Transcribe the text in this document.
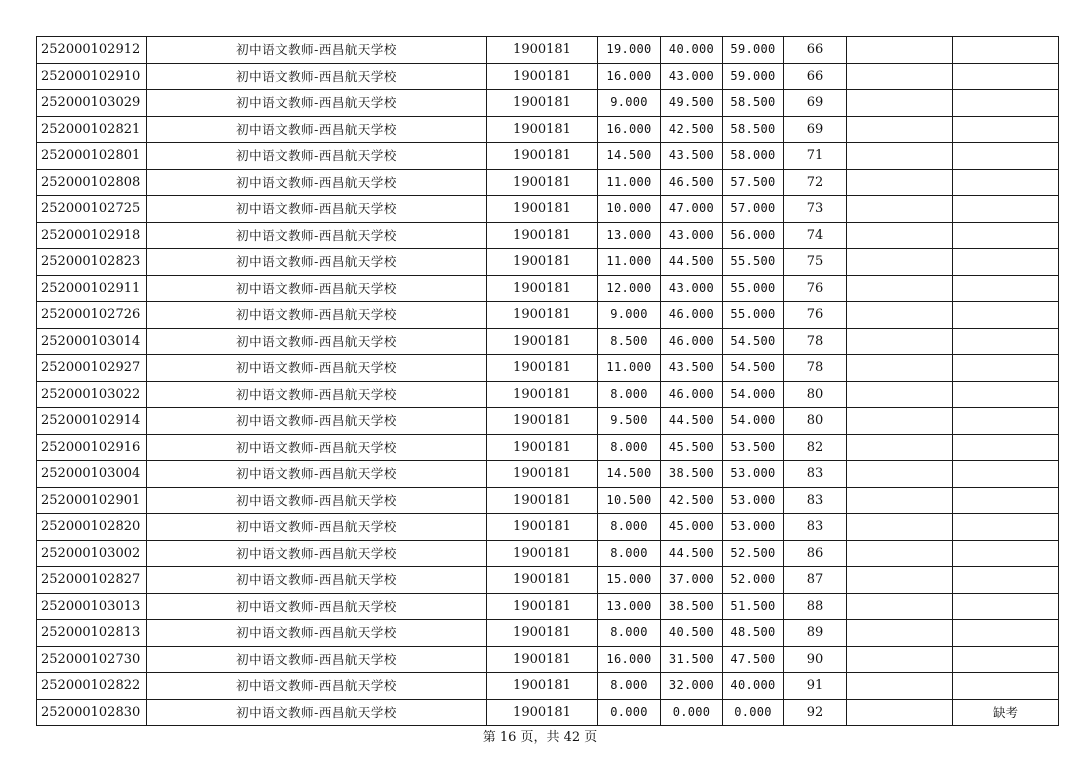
252000102912	初中语文教师-西昌航天学校	1900181	19.000	40.000	59.000	66		
252000102910	初中语文教师-西昌航天学校	1900181	16.000	43.000	59.000	66		
252000103029	初中语文教师-西昌航天学校	1900181	9.000	49.500	58.500	69		
252000102821	初中语文教师-西昌航天学校	1900181	16.000	42.500	58.500	69		
252000102801	初中语文教师-西昌航天学校	1900181	14.500	43.500	58.000	71		
252000102808	初中语文教师-西昌航天学校	1900181	11.000	46.500	57.500	72		
252000102725	初中语文教师-西昌航天学校	1900181	10.000	47.000	57.000	73		
252000102918	初中语文教师-西昌航天学校	1900181	13.000	43.000	56.000	74		
252000102823	初中语文教师-西昌航天学校	1900181	11.000	44.500	55.500	75		
252000102911	初中语文教师-西昌航天学校	1900181	12.000	43.000	55.000	76		
252000102726	初中语文教师-西昌航天学校	1900181	9.000	46.000	55.000	76		
252000103014	初中语文教师-西昌航天学校	1900181	8.500	46.000	54.500	78		
252000102927	初中语文教师-西昌航天学校	1900181	11.000	43.500	54.500	78		
252000103022	初中语文教师-西昌航天学校	1900181	8.000	46.000	54.000	80		
252000102914	初中语文教师-西昌航天学校	1900181	9.500	44.500	54.000	80		
252000102916	初中语文教师-西昌航天学校	1900181	8.000	45.500	53.500	82		
252000103004	初中语文教师-西昌航天学校	1900181	14.500	38.500	53.000	83		
252000102901	初中语文教师-西昌航天学校	1900181	10.500	42.500	53.000	83		
252000102820	初中语文教师-西昌航天学校	1900181	8.000	45.000	53.000	83		
252000103002	初中语文教师-西昌航天学校	1900181	8.000	44.500	52.500	86		
252000102827	初中语文教师-西昌航天学校	1900181	15.000	37.000	52.000	87		
252000103013	初中语文教师-西昌航天学校	1900181	13.000	38.500	51.500	88		
252000102813	初中语文教师-西昌航天学校	1900181	8.000	40.500	48.500	89		
252000102730	初中语文教师-西昌航天学校	1900181	16.000	31.500	47.500	90		
252000102822	初中语文教师-西昌航天学校	1900181	8.000	32.000	40.000	91		
252000102830	初中语文教师-西昌航天学校	1900181	0.000	0.000	0.000	92		缺考
第 16 页，共 42 页
